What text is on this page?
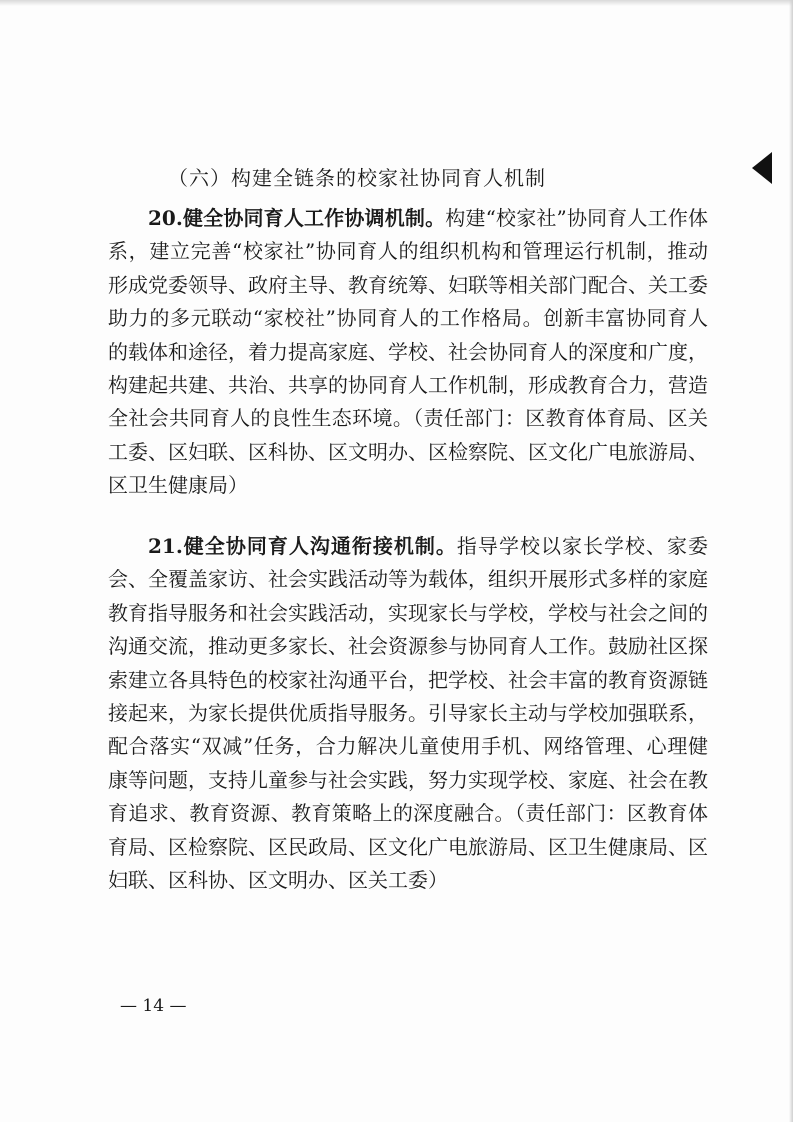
（六）构建全链条的校家社协同育人机制

20.健全协同育人工作协调机制。构建“校家社”协同育人工作体系，建立完善“校家社”协同育人的组织机构和管理运行机制，推动形成党委领导、政府主导、教育统筹、妇联等相关部门配合、关工委助力的多元联动“家校社”协同育人的工作格局。创新丰富协同育人的载体和途径，着力提高家庭、学校、社会协同育人的深度和广度，构建起共建、共治、共享的协同育人工作机制，形成教育合力，营造全社会共同育人的良性生态环境。（责任部门：区教育体育局、区关工委、区妇联、区科协、区文明办、区检察院、区文化广电旅游局、区卫生健康局）

21.健全协同育人沟通衔接机制。指导学校以家长学校、家委会、全覆盖家访、社会实践活动等为载体，组织开展形式多样的家庭教育指导服务和社会实践活动，实现家长与学校，学校与社会之间的沟通交流，推动更多家长、社会资源参与协同育人工作。鼓励社区探索建立各具特色的校家社沟通平台，把学校、社会丰富的教育资源链接起来，为家长提供优质指导服务。引导家长主动与学校加强联系，配合落实“双减”任务，合力解决儿童使用手机、网络管理、心理健康等问题，支持儿童参与社会实践，努力实现学校、家庭、社会在教育追求、教育资源、教育策略上的深度融合。（责任部门：区教育体育局、区检察院、区民政局、区文化广电旅游局、区卫生健康局、区妇联、区科协、区文明办、区关工委）

— 14 —
